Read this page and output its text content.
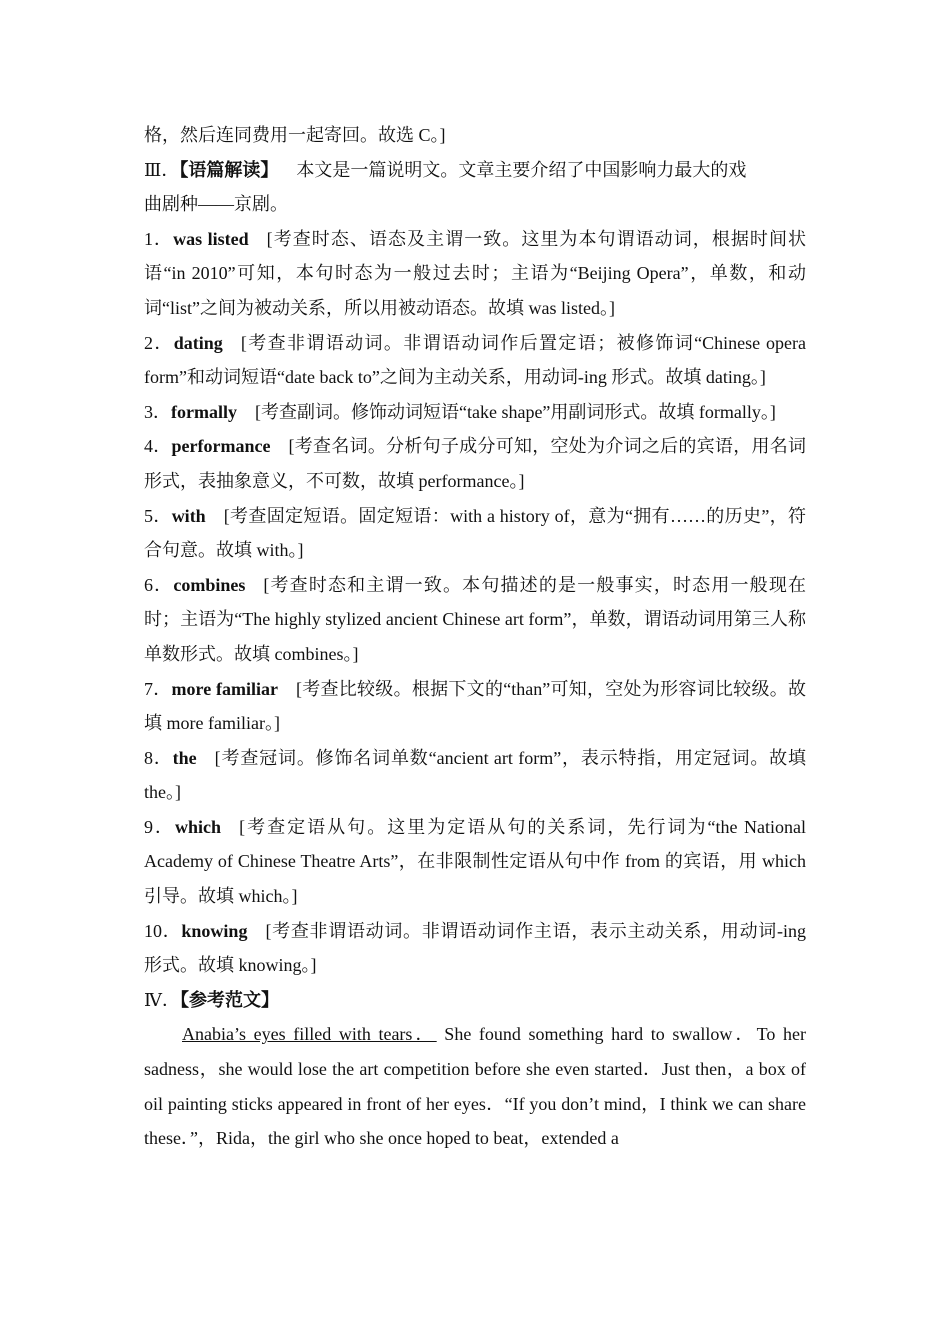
格，然后连同费用一起寄回。故选 C。]

Ⅲ．【语篇解读】 本文是一篇说明文。文章主要介绍了中国影响力最大的戏
曲剧种——京剧。

1．was listed [考查时态、语态及主谓一致。这里为本句谓语动词，根据时间状语“in 2010”可知，本句时态为一般过去时；主语为“Beijing Opera”，单数，和动词“list”之间为被动关系，所以用被动语态。故填 was listed。]

2．dating [考查非谓语动词。非谓语动词作后置定语；被修饰词“Chinese opera form”和动词短语“date back to”之间为主动关系，用动词-ing 形式。故填 dating。]

3．formally [考查副词。修饰动词短语“take shape”用副词形式。故填 formally。]

4．performance [考查名词。分析句子成分可知，空处为介词之后的宾语，用名词形式，表抽象意义，不可数，故填 performance。]

5．with [考查固定短语。固定短语：with a history of，意为“拥有……的历史”，符合句意。故填 with。]

6．combines [考查时态和主谓一致。本句描述的是一般事实，时态用一般现在时；主语为“The highly stylized ancient Chinese art form”，单数，谓语动词用第三人称单数形式。故填 combines。]

7．more familiar [考查比较级。根据下文的“than”可知，空处为形容词比较级。故填 more familiar。]

8．the [考查冠词。修饰名词单数“ancient art form”，表示特指，用定冠词。故填 the。]

9．which [考查定语从句。这里为定语从句的关系词，先行词为“the National Academy of Chinese Theatre Arts”，在非限制性定语从句中作 from 的宾语，用 which 引导。故填 which。]

10．knowing [考查非谓语动词。非谓语动词作主语，表示主动关系，用动词-ing 形式。故填 knowing。]

Ⅳ．【参考范文】

Anabia’s eyes filled with tears． She found something hard to swallow．To her sadness，she would lose the art competition before she even started．Just then，a box of oil painting sticks appeared in front of her eyes．“If you don’t mind，I think we can share these．”，Rida，the girl who she once hoped to beat，extended a
